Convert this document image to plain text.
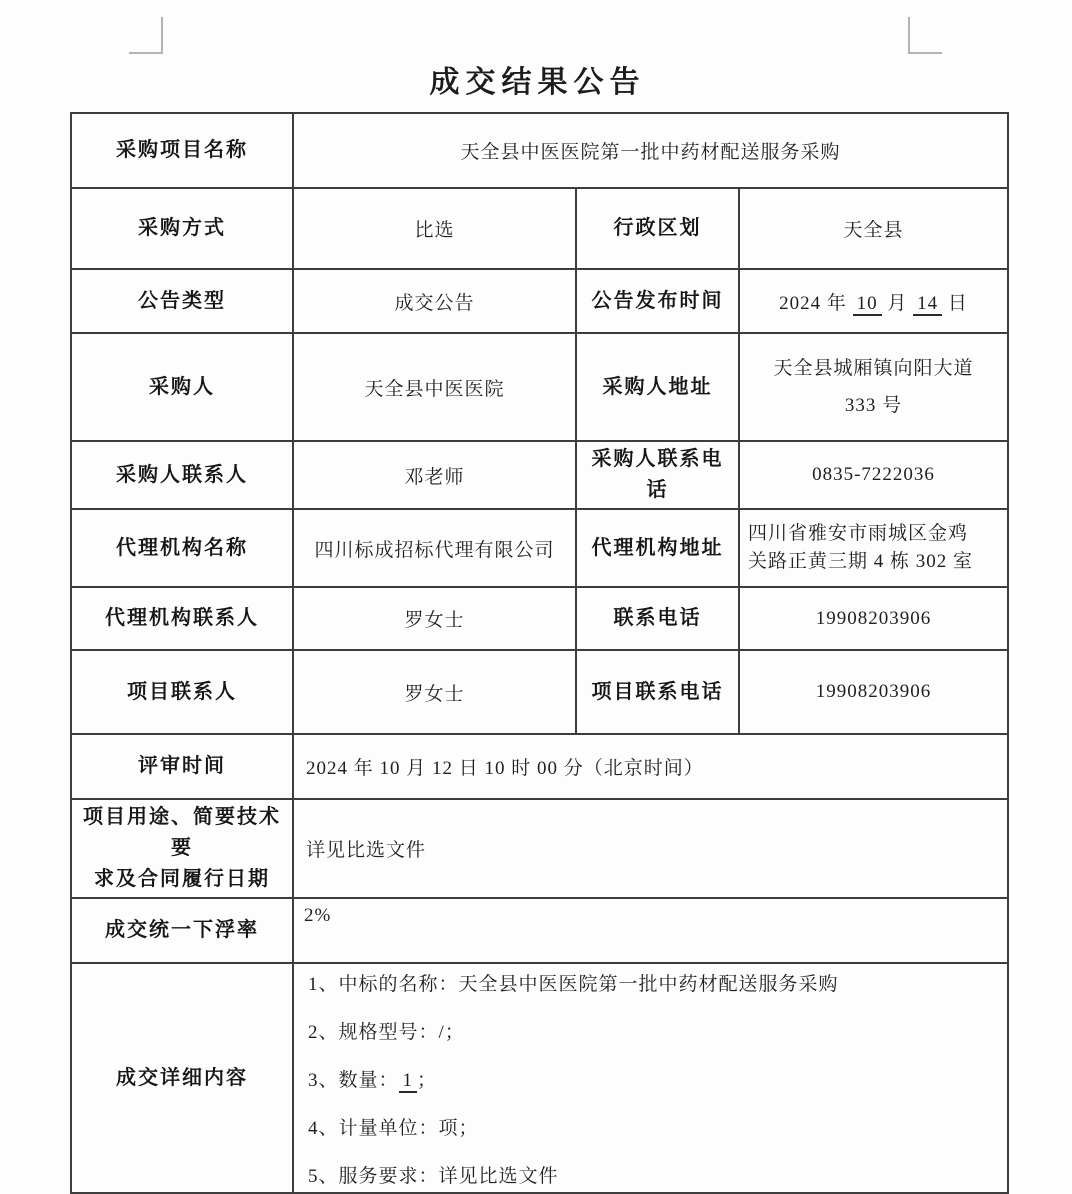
成交结果公告
采购项目名称	天全县中医医院第一批中药材配送服务采购		
采购方式	比选	行政区划	天全县
公告类型	成交公告	公告发布时间	2024 年 10 月 14 日
采购人	天全县中医医院	采购人地址	天全县城厢镇向阳大道
333 号

采购人联系人	邓老师	采购人联系电话	0835-7222036
代理机构名称	四川标成招标代理有限公司	代理机构地址	四川省雅安市雨城区金鸡
关路正黄三期 4 栋 302 室

代理机构联系人	罗女士	联系电话	19908203906
项目联系人	罗女士	项目联系电话	19908203906
评审时间	2024 年 10 月 12 日 10 时 00 分（北京时间）		

项目用途、简要技术要
求及合同履行日期	详见比选文件		
成交统一下浮率	2%		
成交详细内容	1、中标的名称：天全县中医医院第一批中药材配送服务采购
2、规格型号：/；
3、数量： 1 ；
4、计量单位：项；
5、服务要求：详见比选文件		
